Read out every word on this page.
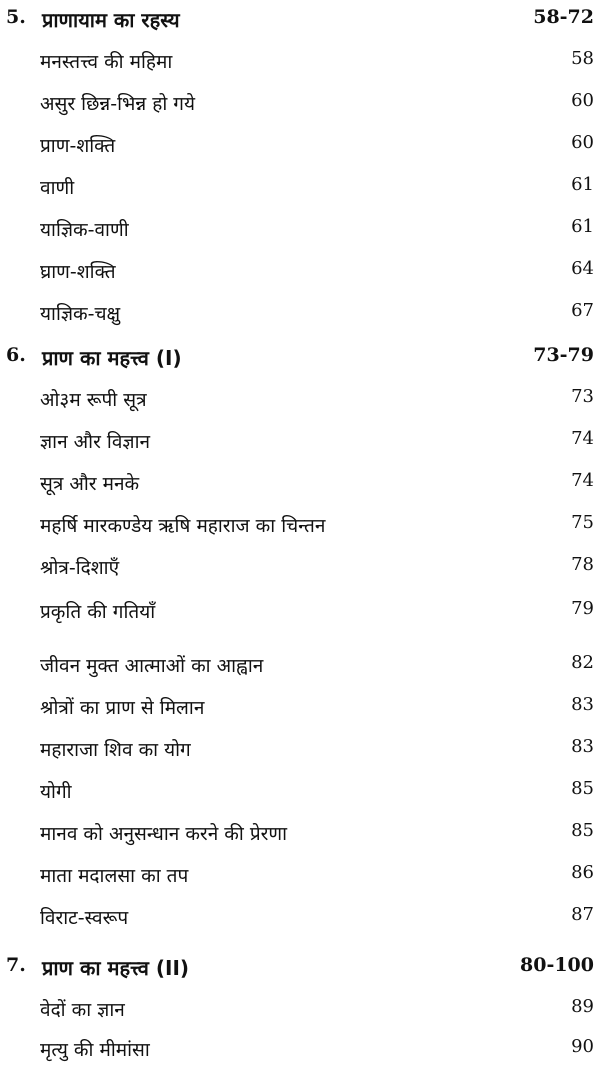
5. प्राणायाम का रहस्य	58-72
मनस्तत्त्व की महिमा	58
असुर छिन्न-भिन्न हो गये	60
प्राण-शक्ति	60
वाणी	61
याज्ञिक-वाणी	61
घ्राण-शक्ति	64
याज्ञिक-चक्षु	67
6. प्राण का महत्त्व (I)	73-79
ओ३म रूपी सूत्र	73
ज्ञान और विज्ञान	74
सूत्र और मनके	74
महर्षि मारकण्डेय ऋषि महाराज का चिन्तन	75
श्रोत्र-दिशाएँ	78
प्रकृति की गतियाँ	79
जीवन मुक्त आत्माओं का आह्वान	82
श्रोत्रों का प्राण से मिलान	83
महाराजा शिव का योग	83
योगी	85
मानव को अनुसन्धान करने की प्रेरणा	85
माता मदालसा का तप	86
विराट-स्वरूप	87
7. प्राण का महत्त्व (II)	80-100
वेदों का ज्ञान	89
मृत्यु की मीमांसा	90
